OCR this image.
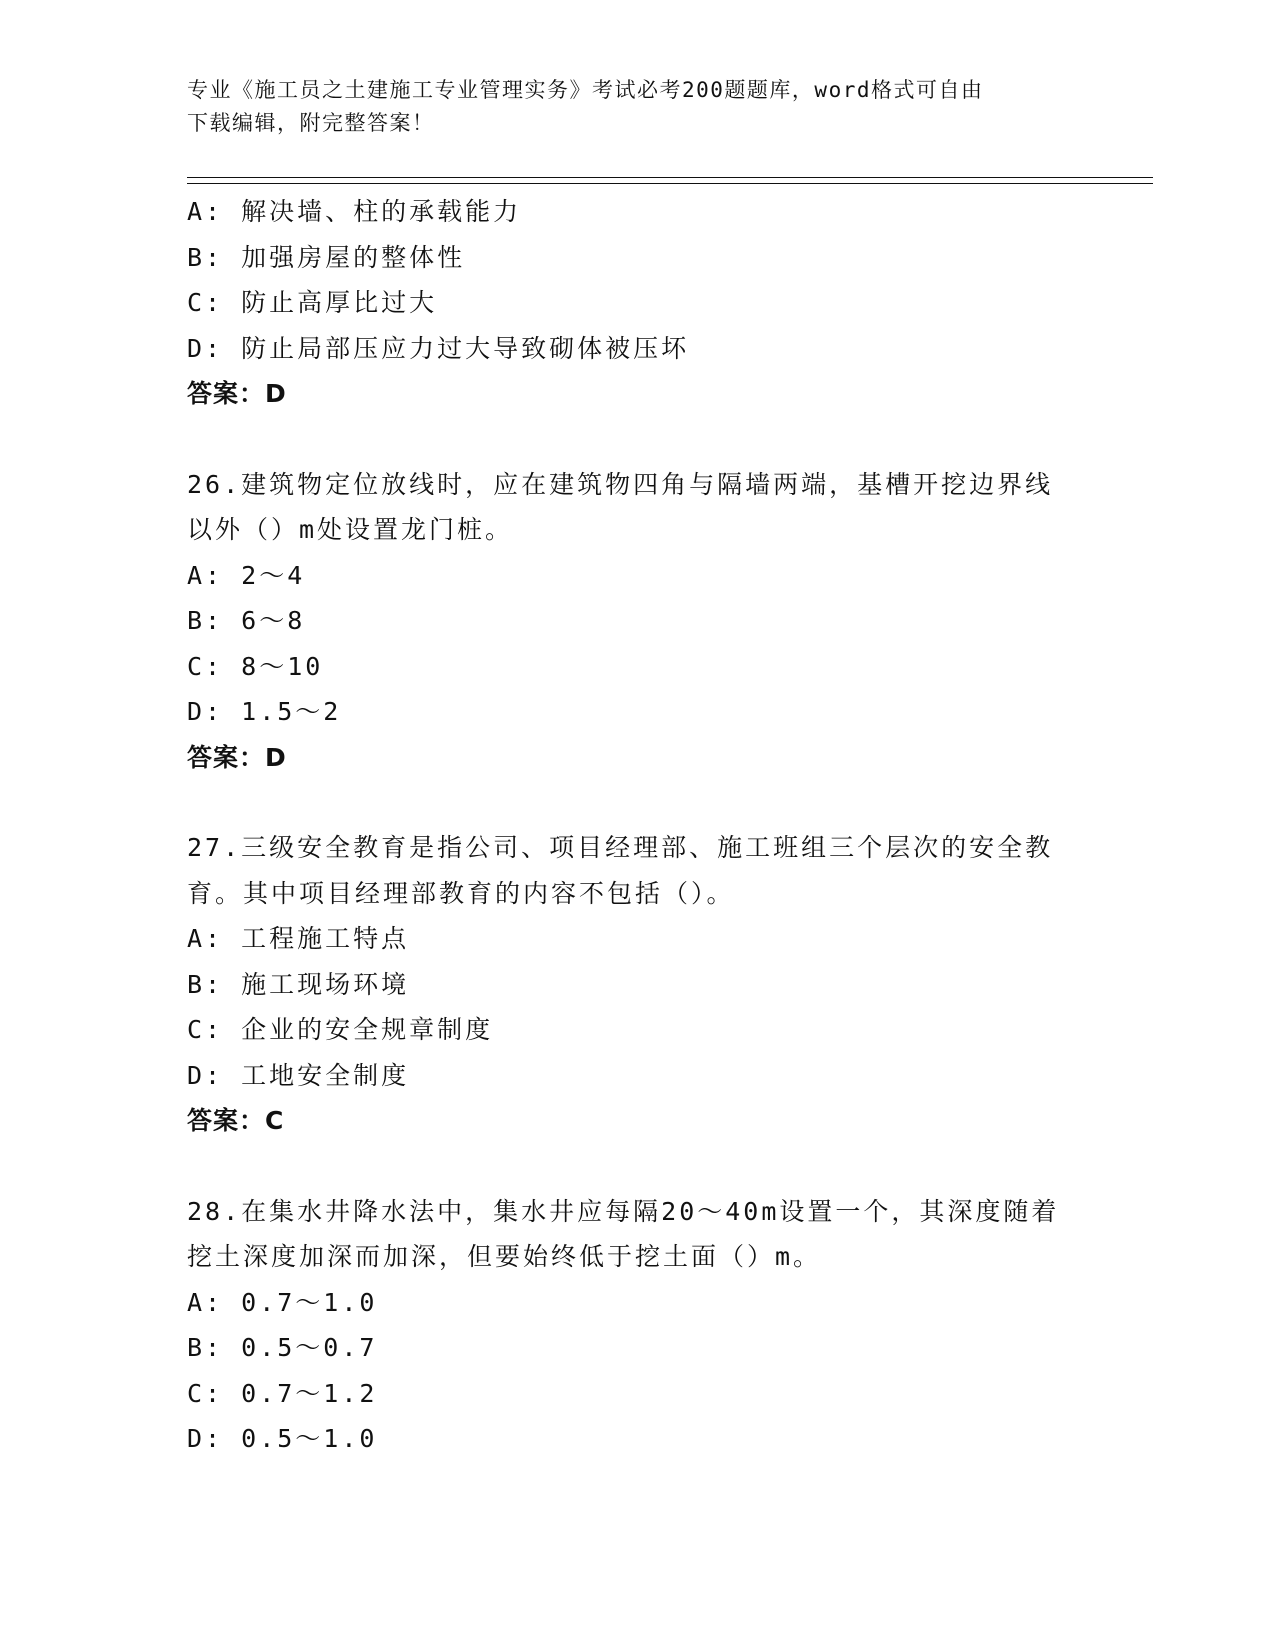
专业《施工员之土建施工专业管理实务》考试必考200题题库，word格式可自由
下载编辑，附完整答案！
A: 解决墙、柱的承载能力
B: 加强房屋的整体性
C: 防止高厚比过大
D: 防止局部压应力过大导致砌体被压坏
答案：D
26.建筑物定位放线时，应在建筑物四角与隔墙两端，基槽开挖边界线
以外（）m处设置龙门桩。
A: 2～4
B: 6～8
C: 8～10
D: 1.5～2
答案：D
27.三级安全教育是指公司、项目经理部、施工班组三个层次的安全教
育。其中项目经理部教育的内容不包括（）。
A: 工程施工特点
B: 施工现场环境
C: 企业的安全规章制度
D: 工地安全制度
答案：C
28.在集水井降水法中，集水井应每隔20～40m设置一个，其深度随着
挖土深度加深而加深，但要始终低于挖土面（）m。
A: 0.7～1.0
B: 0.5～0.7
C: 0.7～1.2
D: 0.5～1.0
